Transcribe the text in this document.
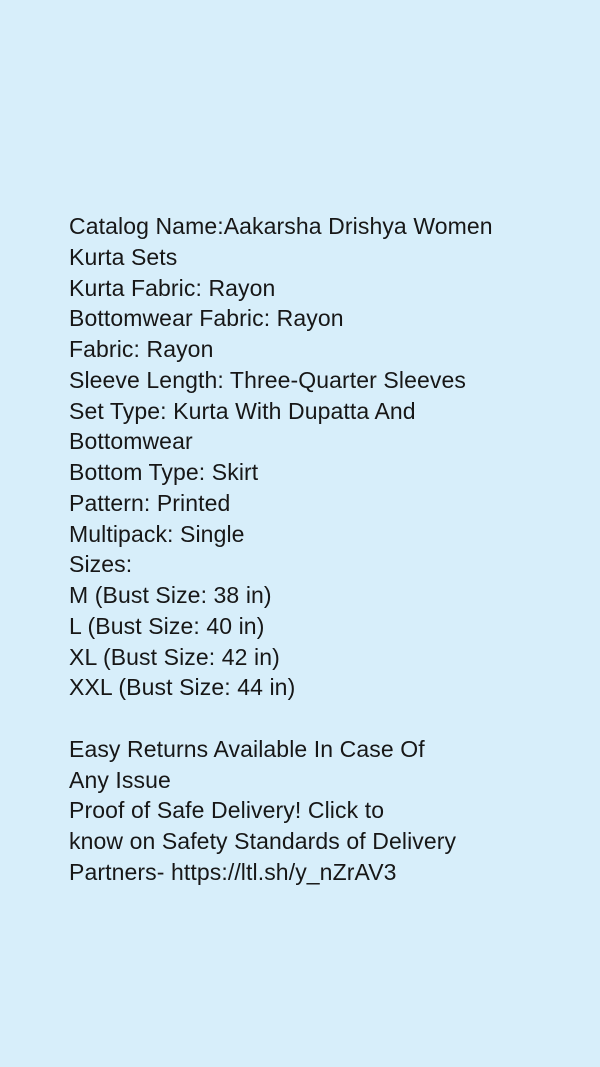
Catalog Name:Aakarsha Drishya Women
Kurta Sets
Kurta Fabric: Rayon
Bottomwear Fabric: Rayon
Fabric: Rayon
Sleeve Length: Three-Quarter Sleeves
Set Type: Kurta With Dupatta And
Bottomwear
Bottom Type: Skirt
Pattern: Printed
Multipack: Single
Sizes:
M (Bust Size: 38 in)
L (Bust Size: 40 in)
XL (Bust Size: 42 in)
XXL (Bust Size: 44 in)
Easy Returns Available In Case Of
Any Issue
Proof of Safe Delivery! Click to
know on Safety Standards of Delivery
Partners- https://ltl.sh/y_nZrAV3
